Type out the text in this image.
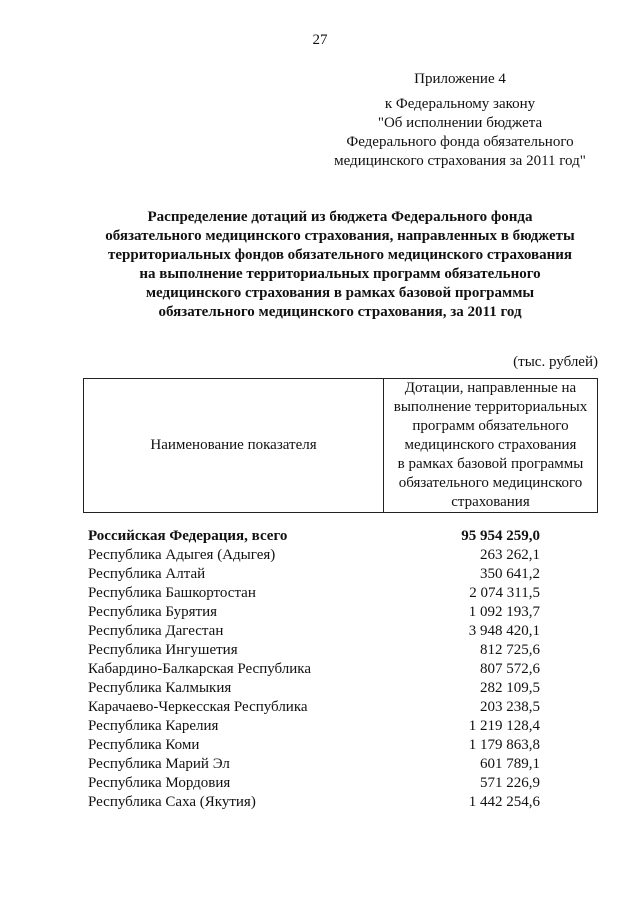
27
Приложение 4
к Федеральному закону
"Об исполнении бюджета
Федерального фонда обязательного
медицинского страхования за 2011 год"
Распределение дотаций из бюджета Федерального фонда
обязательного медицинского страхования, направленных в бюджеты
территориальных фондов обязательного медицинского страхования
на выполнение территориальных программ обязательного
медицинского страхования в рамках базовой программы
обязательного медицинского страхования, за 2011 год
(тыс. рублей)
Наименование показателя	
Дотации, направленные на
выполнение территориальных
программ обязательного
медицинского страхования
в рамках базовой программы
обязательного медицинского
страхования
Российская Федерация, всего	95 954 259,0
Республика Адыгея (Адыгея)	263 262,1
Республика Алтай	350 641,2
Республика Башкортостан	2 074 311,5
Республика Бурятия	1 092 193,7
Республика Дагестан	3 948 420,1
Республика Ингушетия	812 725,6
Кабардино-Балкарская Республика	807 572,6
Республика Калмыкия	282 109,5
Карачаево-Черкесская Республика	203 238,5
Республика Карелия	1 219 128,4
Республика Коми	1 179 863,8
Республика Марий Эл	601 789,1
Республика Мордовия	571 226,9
Республика Саха (Якутия)	1 442 254,6
